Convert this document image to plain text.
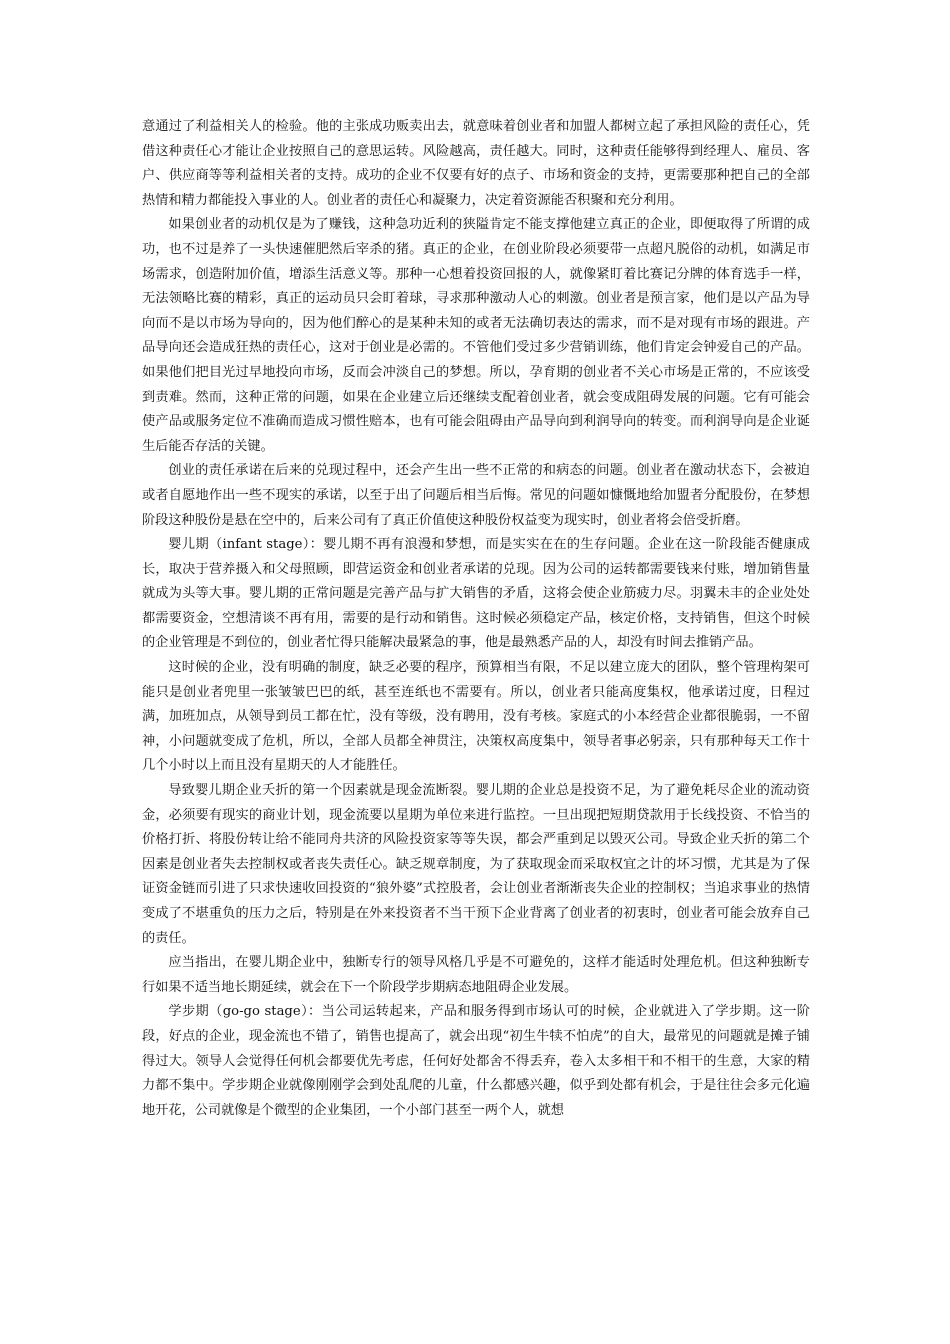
意通过了利益相关人的检验。他的主张成功贩卖出去，就意味着创业者和加盟人都树立起了承担风险的责任心，凭借这种责任心才能让企业按照自己的意思运转。风险越高，责任越大。同时，这种责任能够得到经理人、雇员、客户、供应商等等利益相关者的支持。成功的企业不仅要有好的点子、市场和资金的支持，更需要那种把自己的全部热情和精力都能投入事业的人。创业者的责任心和凝聚力，决定着资源能否积聚和充分利用。

如果创业者的动机仅是为了赚钱，这种急功近利的狭隘肯定不能支撑他建立真正的企业，即便取得了所谓的成功，也不过是养了一头快速催肥然后宰杀的猪。真正的企业，在创业阶段必须要带一点超凡脱俗的动机，如满足市场需求，创造附加价值，增添生活意义等。那种一心想着投资回报的人，就像紧盯着比赛记分牌的体育选手一样，无法领略比赛的精彩，真正的运动员只会盯着球，寻求那种激动人心的刺激。创业者是预言家，他们是以产品为导向而不是以市场为导向的，因为他们醉心的是某种未知的或者无法确切表达的需求，而不是对现有市场的跟进。产品导向还会造成狂热的责任心，这对于创业是必需的。不管他们受过多少营销训练，他们肯定会钟爱自己的产品。如果他们把目光过早地投向市场，反而会冲淡自己的梦想。所以，孕育期的创业者不关心市场是正常的，不应该受到责难。然而，这种正常的问题，如果在企业建立后还继续支配着创业者，就会变成阻碍发展的问题。它有可能会使产品或服务定位不准确而造成习惯性赔本，也有可能会阻碍由产品导向到利润导向的转变。而利润导向是企业诞生后能否存活的关键。

创业的责任承诺在后来的兑现过程中，还会产生出一些不正常的和病态的问题。创业者在激动状态下，会被迫或者自愿地作出一些不现实的承诺，以至于出了问题后相当后悔。常见的问题如慷慨地给加盟者分配股份，在梦想阶段这种股份是悬在空中的，后来公司有了真正价值使这种股份权益变为现实时，创业者将会倍受折磨。

婴儿期（infant stage）：婴儿期不再有浪漫和梦想，而是实实在在的生存问题。企业在这一阶段能否健康成长，取决于营养摄入和父母照顾，即营运资金和创业者承诺的兑现。因为公司的运转都需要钱来付账，增加销售量就成为头等大事。婴儿期的正常问题是完善产品与扩大销售的矛盾，这将会使企业筋疲力尽。羽翼未丰的企业处处都需要资金，空想清谈不再有用，需要的是行动和销售。这时候必须稳定产品，核定价格，支持销售，但这个时候的企业管理是不到位的，创业者忙得只能解决最紧急的事，他是最熟悉产品的人，却没有时间去推销产品。

这时候的企业，没有明确的制度，缺乏必要的程序，预算相当有限，不足以建立庞大的团队，整个管理构架可能只是创业者兜里一张皱皱巴巴的纸，甚至连纸也不需要有。所以，创业者只能高度集权，他承诺过度，日程过满，加班加点，从领导到员工都在忙，没有等级，没有聘用，没有考核。家庭式的小本经营企业都很脆弱，一不留神，小问题就变成了危机，所以，全部人员都全神贯注，决策权高度集中，领导者事必躬亲，只有那种每天工作十几个小时以上而且没有星期天的人才能胜任。

导致婴儿期企业夭折的第一个因素就是现金流断裂。婴儿期的企业总是投资不足，为了避免耗尽企业的流动资金，必须要有现实的商业计划，现金流要以星期为单位来进行监控。一旦出现把短期贷款用于长线投资、不恰当的价格打折、将股份转让给不能同舟共济的风险投资家等等失误，都会严重到足以毁灭公司。导致企业夭折的第二个因素是创业者失去控制权或者丧失责任心。缺乏规章制度，为了获取现金而采取权宜之计的坏习惯，尤其是为了保证资金链而引进了只求快速收回投资的“狼外婆”式控股者，会让创业者渐渐丧失企业的控制权；当追求事业的热情变成了不堪重负的压力之后，特别是在外来投资者不当干预下企业背离了创业者的初衷时，创业者可能会放弃自己的责任。

应当指出，在婴儿期企业中，独断专行的领导风格几乎是不可避免的，这样才能适时处理危机。但这种独断专行如果不适当地长期延续，就会在下一个阶段学步期病态地阻碍企业发展。

学步期（go-go stage）：当公司运转起来，产品和服务得到市场认可的时候，企业就进入了学步期。这一阶段，好点的企业，现金流也不错了，销售也提高了，就会出现“初生牛犊不怕虎”的自大，最常见的问题就是摊子铺得过大。领导人会觉得任何机会都要优先考虑，任何好处都舍不得丢弃，卷入太多相干和不相干的生意，大家的精力都不集中。学步期企业就像刚刚学会到处乱爬的儿童，什么都感兴趣，似乎到处都有机会，于是往往会多元化遍地开花，公司就像是个微型的企业集团，一个小部门甚至一两个人，就想
